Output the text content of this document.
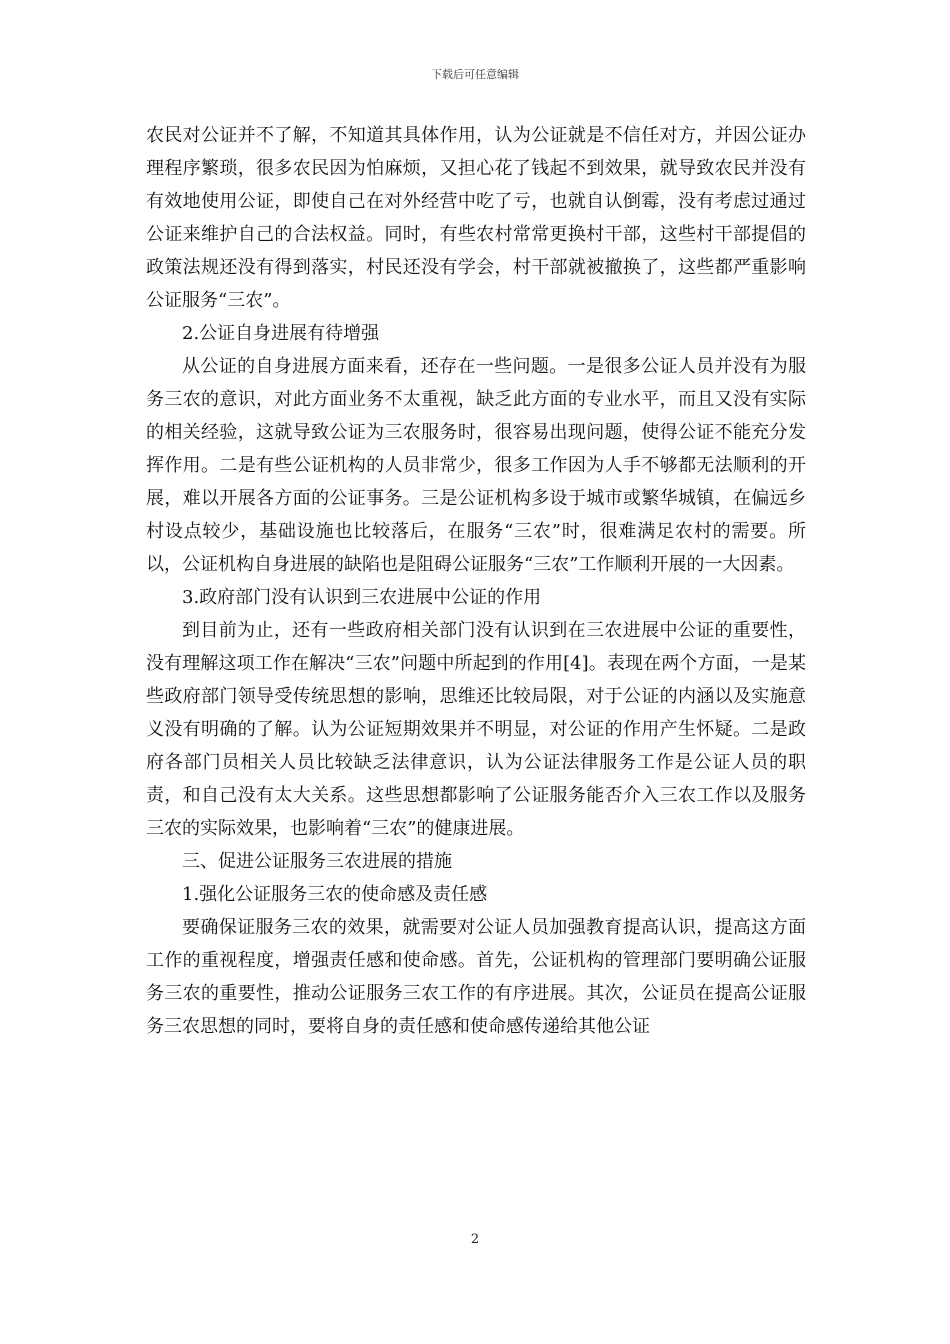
下载后可任意编辑

农民对公证并不了解，不知道其具体作用，认为公证就是不信任对方，并因公证办理程序繁琐，很多农民因为怕麻烦，又担心花了钱起不到效果，就导致农民并没有有效地使用公证，即使自己在对外经营中吃了亏，也就自认倒霉，没有考虑过通过公证来维护自己的合法权益。同时，有些农村常常更换村干部，这些村干部提倡的政策法规还没有得到落实，村民还没有学会，村干部就被撤换了，这些都严重影响公证服务“三农”。

2.公证自身进展有待增强

从公证的自身进展方面来看，还存在一些问题。一是很多公证人员并没有为服务三农的意识，对此方面业务不太重视，缺乏此方面的专业水平，而且又没有实际的相关经验，这就导致公证为三农服务时，很容易出现问题，使得公证不能充分发挥作用。二是有些公证机构的人员非常少，很多工作因为人手不够都无法顺利的开展，难以开展各方面的公证事务。三是公证机构多设于城市或繁华城镇，在偏远乡村设点较少，基础设施也比较落后，在服务“三农”时，很难满足农村的需要。所以，公证机构自身进展的缺陷也是阻碍公证服务“三农”工作顺利开展的一大因素。

3.政府部门没有认识到三农进展中公证的作用

到目前为止，还有一些政府相关部门没有认识到在三农进展中公证的重要性，没有理解这项工作在解决“三农”问题中所起到的作用[4]。表现在两个方面，一是某些政府部门领导受传统思想的影响，思维还比较局限，对于公证的内涵以及实施意义没有明确的了解。认为公证短期效果并不明显，对公证的作用产生怀疑。二是政府各部门员相关人员比较缺乏法律意识，认为公证法律服务工作是公证人员的职责，和自己没有太大关系。这些思想都影响了公证服务能否介入三农工作以及服务三农的实际效果，也影响着“三农”的健康进展。

三、促进公证服务三农进展的措施

1.强化公证服务三农的使命感及责任感

要确保证服务三农的效果，就需要对公证人员加强教育提高认识，提高这方面工作的重视程度，增强责任感和使命感。首先，公证机构的管理部门要明确公证服务三农的重要性，推动公证服务三农工作的有序进展。其次，公证员在提高公证服务三农思想的同时，要将自身的责任感和使命感传递给其他公证

2
